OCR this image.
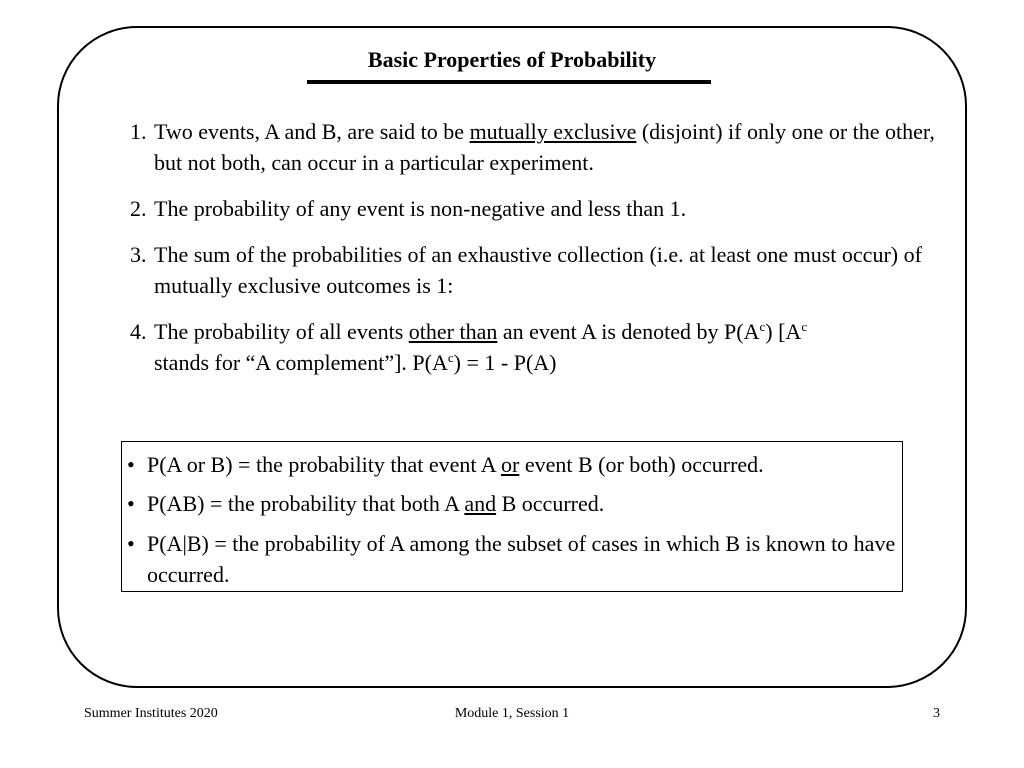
Basic Properties of Probability
1. Two events, A and B, are said to be mutually exclusive (disjoint) if only one or the other, but not both, can occur in a particular experiment.
2. The probability of any event is non-negative and less than 1.
3. The sum of the probabilities of an exhaustive collection (i.e. at least one must occur) of mutually exclusive outcomes is 1:
4. The probability of all events other than an event A is denoted by $P(A^c)$ [$A^c$
stands for “A complement”]. $P(A^c) = 1 - P(A)$
• P(A or B) = the probability that event A or event B (or both) occurred.
• P(AB) = the probability that both A and B occurred.
• P(A|B) = the probability of A among the subset of cases in which B is known to have occurred.
Summer Institutes 2020	Module 1, Session 1	3
